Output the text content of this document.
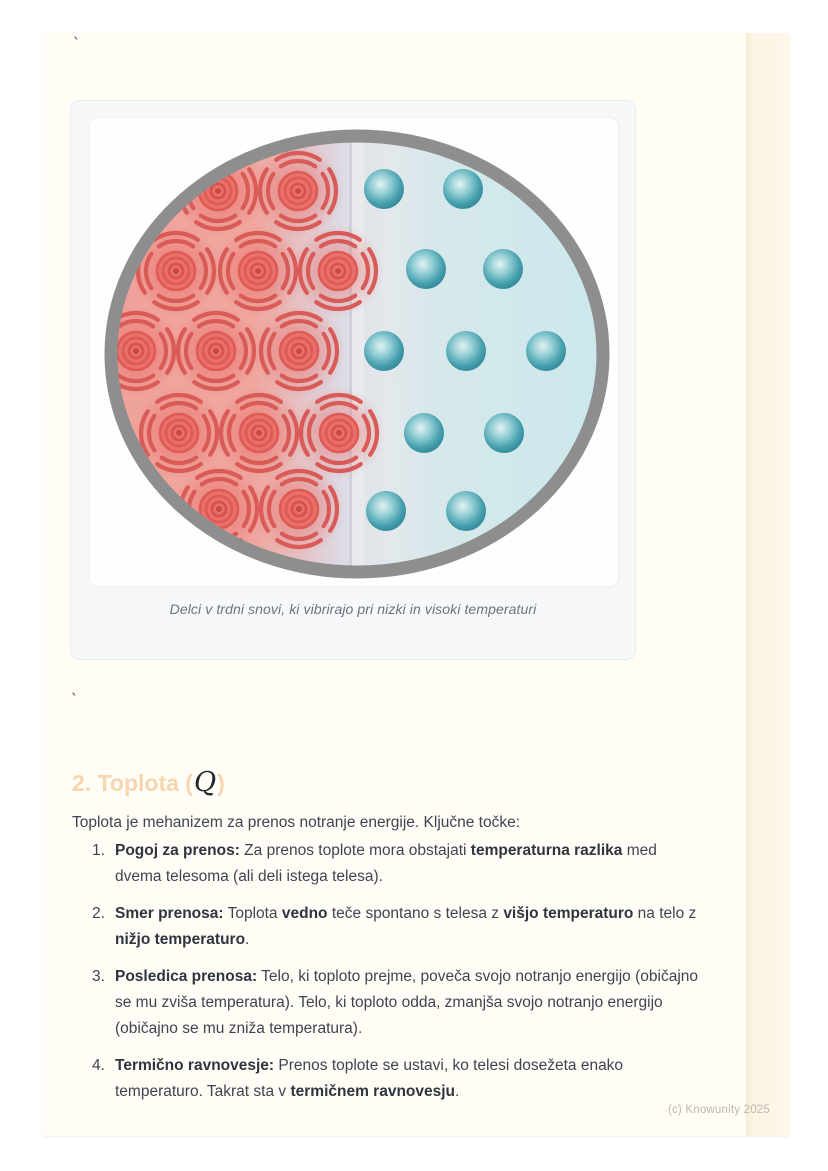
`
Delci v trdni snovi, ki vibrirajo pri nizki in visoki temperaturi
`
2. Toplota (Q)

Toplota je mehanizem za prenos notranje energije. Ključne točke:

1. Pogoj za prenos: Za prenos toplote mora obstajati temperaturna razlika med dvema telesoma (ali deli istega telesa).
2. Smer prenosa: Toplota vedno teče spontano s telesa z višjo temperaturo na telo z nižjo temperaturo.
3. Posledica prenosa: Telo, ki toploto prejme, poveča svojo notranjo energijo (običajno se mu zviša temperatura). Telo, ki toploto odda, zmanjša svojo notranjo energijo (običajno se mu zniža temperatura).
4. Termično ravnovesje: Prenos toplote se ustavi, ko telesi dosežeta enako temperaturo. Takrat sta v termičnem ravnovesju.
(c) Knowunity 2025
